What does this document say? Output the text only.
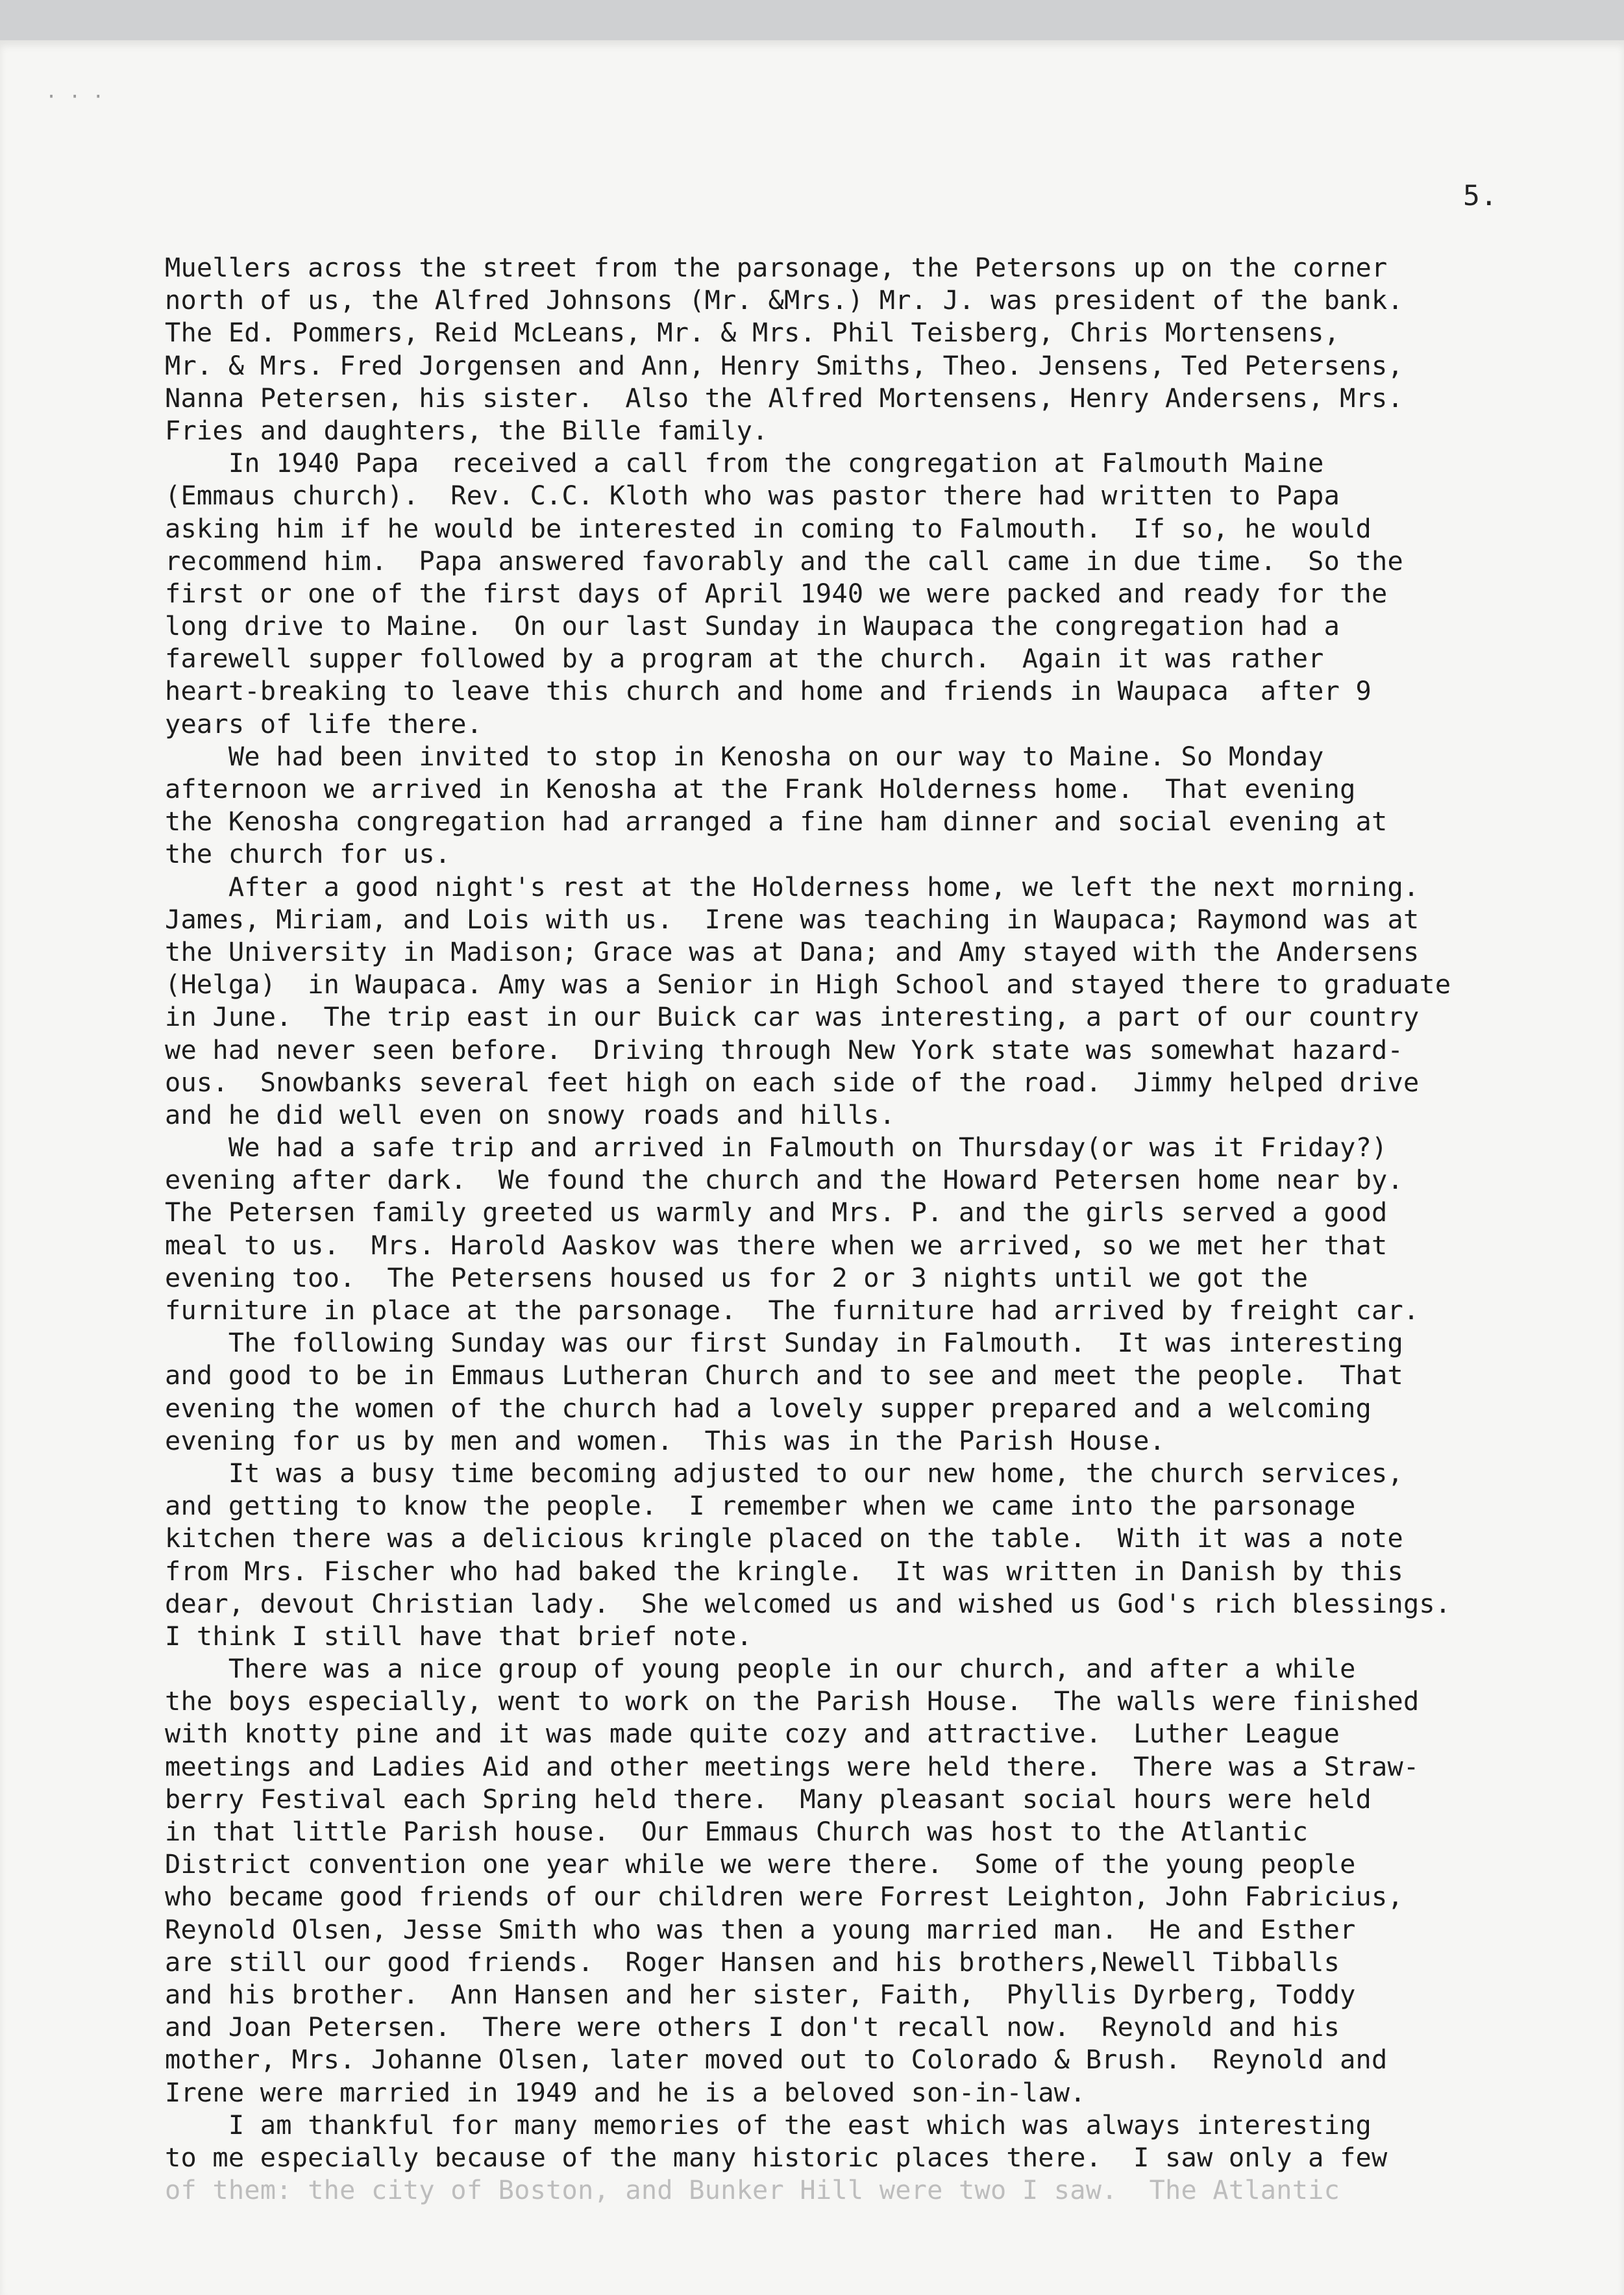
· · ·
5.
Muellers across the street from the parsonage, the Petersons up on the corner
north of us, the Alfred Johnsons (Mr. &Mrs.) Mr. J. was president of the bank.
The Ed. Pommers, Reid McLeans, Mr. & Mrs. Phil Teisberg, Chris Mortensens,
Mr. & Mrs. Fred Jorgensen and Ann, Henry Smiths, Theo. Jensens, Ted Petersens,
Nanna Petersen, his sister.  Also the Alfred Mortensens, Henry Andersens, Mrs.
Fries and daughters, the Bille family.
In 1940 Papa  received a call from the congregation at Falmouth Maine
(Emmaus church).  Rev. C.C. Kloth who was pastor there had written to Papa
asking him if he would be interested in coming to Falmouth.  If so, he would
recommend him.  Papa answered favorably and the call came in due time.  So the
first or one of the first days of April 1940 we were packed and ready for the
long drive to Maine.  On our last Sunday in Waupaca the congregation had a
farewell supper followed by a program at the church.  Again it was rather
heart-breaking to leave this church and home and friends in Waupaca  after 9
years of life there.
We had been invited to stop in Kenosha on our way to Maine. So Monday
afternoon we arrived in Kenosha at the Frank Holderness home.  That evening
the Kenosha congregation had arranged a fine ham dinner and social evening at
the church for us.
After a good night's rest at the Holderness home, we left the next morning.
James, Miriam, and Lois with us.  Irene was teaching in Waupaca; Raymond was at
the University in Madison; Grace was at Dana; and Amy stayed with the Andersens
(Helga)  in Waupaca. Amy was a Senior in High School and stayed there to graduate
in June.  The trip east in our Buick car was interesting, a part of our country
we had never seen before.  Driving through New York state was somewhat hazard-
ous.  Snowbanks several feet high on each side of the road.  Jimmy helped drive
and he did well even on snowy roads and hills.
We had a safe trip and arrived in Falmouth on Thursday(or was it Friday?)
evening after dark.  We found the church and the Howard Petersen home near by.
The Petersen family greeted us warmly and Mrs. P. and the girls served a good
meal to us.  Mrs. Harold Aaskov was there when we arrived, so we met her that
evening too.  The Petersens housed us for 2 or 3 nights until we got the
furniture in place at the parsonage.  The furniture had arrived by freight car.
The following Sunday was our first Sunday in Falmouth.  It was interesting
and good to be in Emmaus Lutheran Church and to see and meet the people.  That
evening the women of the church had a lovely supper prepared and a welcoming
evening for us by men and women.  This was in the Parish House.
It was a busy time becoming adjusted to our new home, the church services,
and getting to know the people.  I remember when we came into the parsonage
kitchen there was a delicious kringle placed on the table.  With it was a note
from Mrs. Fischer who had baked the kringle.  It was written in Danish by this
dear, devout Christian lady.  She welcomed us and wished us God's rich blessings.
I think I still have that brief note.
There was a nice group of young people in our church, and after a while
the boys especially, went to work on the Parish House.  The walls were finished
with knotty pine and it was made quite cozy and attractive.  Luther League
meetings and Ladies Aid and other meetings were held there.  There was a Straw-
berry Festival each Spring held there.  Many pleasant social hours were held
in that little Parish house.  Our Emmaus Church was host to the Atlantic
District convention one year while we were there.  Some of the young people
who became good friends of our children were Forrest Leighton, John Fabricius,
Reynold Olsen, Jesse Smith who was then a young married man.  He and Esther
are still our good friends.  Roger Hansen and his brothers,Newell Tibballs
and his brother.  Ann Hansen and her sister, Faith,  Phyllis Dyrberg, Toddy
and Joan Petersen.  There were others I don't recall now.  Reynold and his
mother, Mrs. Johanne Olsen, later moved out to Colorado & Brush.  Reynold and
Irene were married in 1949 and he is a beloved son-in-law.
I am thankful for many memories of the east which was always interesting
to me especially because of the many historic places there.  I saw only a few
of them: the city of Boston, and Bunker Hill were two I saw.  The Atlantic
